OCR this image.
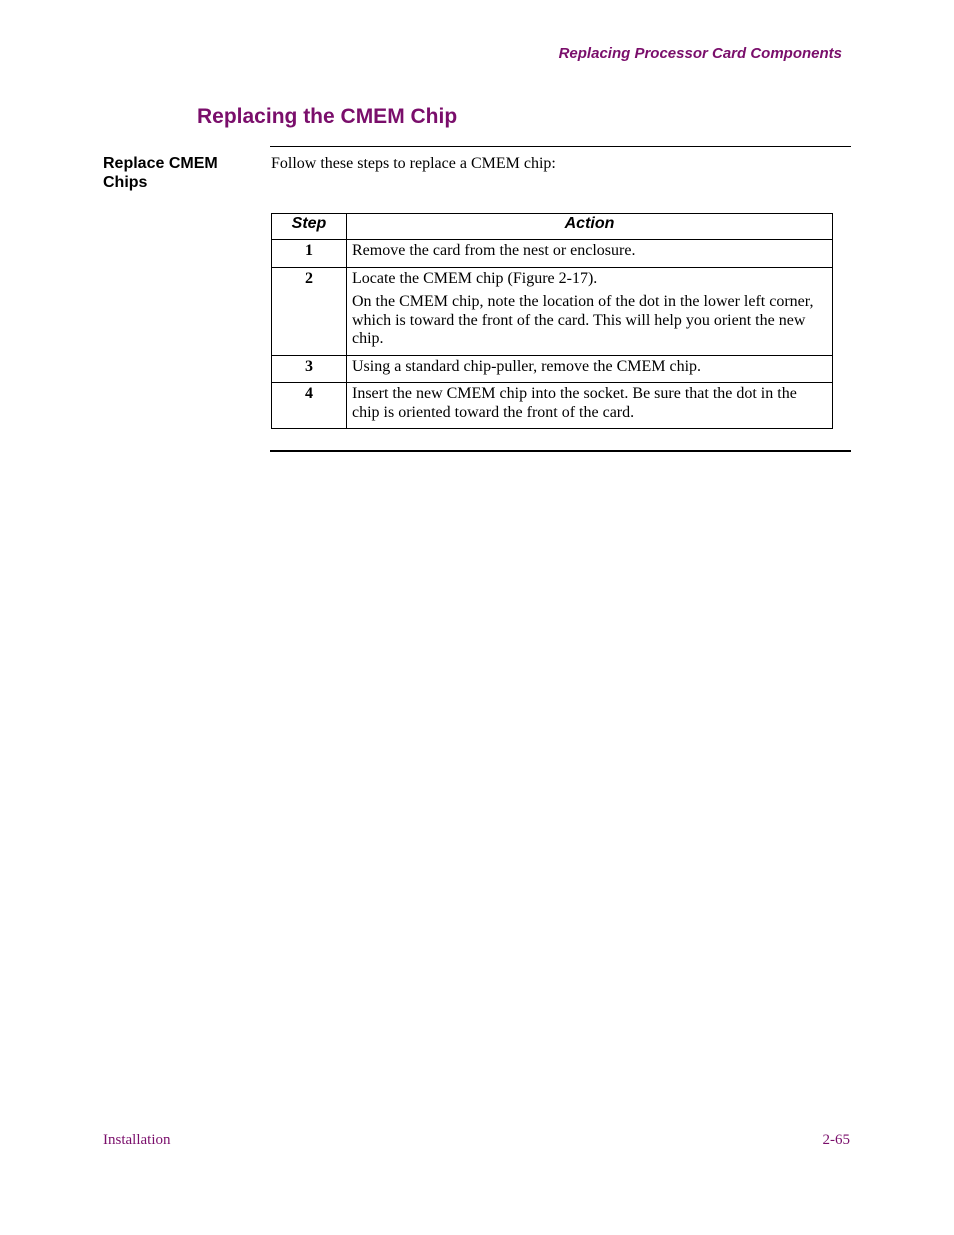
Replacing Processor Card Components
Replacing the CMEM Chip
Replace CMEM Chips
Follow these steps to replace a CMEM chip:
Step	Action
1	Remove the card from the nest or enclosure.

2	Locate the CMEM chip (Figure 2-17).

On the CMEM chip, note the location of the dot in the lower left corner, which is toward the front of the card. This will help you orient the new chip.

3	Using a standard chip-puller, remove the CMEM chip.

4	Insert the new CMEM chip into the socket. Be sure that the dot in the chip is oriented toward the front of the card.

Installation	2-65
